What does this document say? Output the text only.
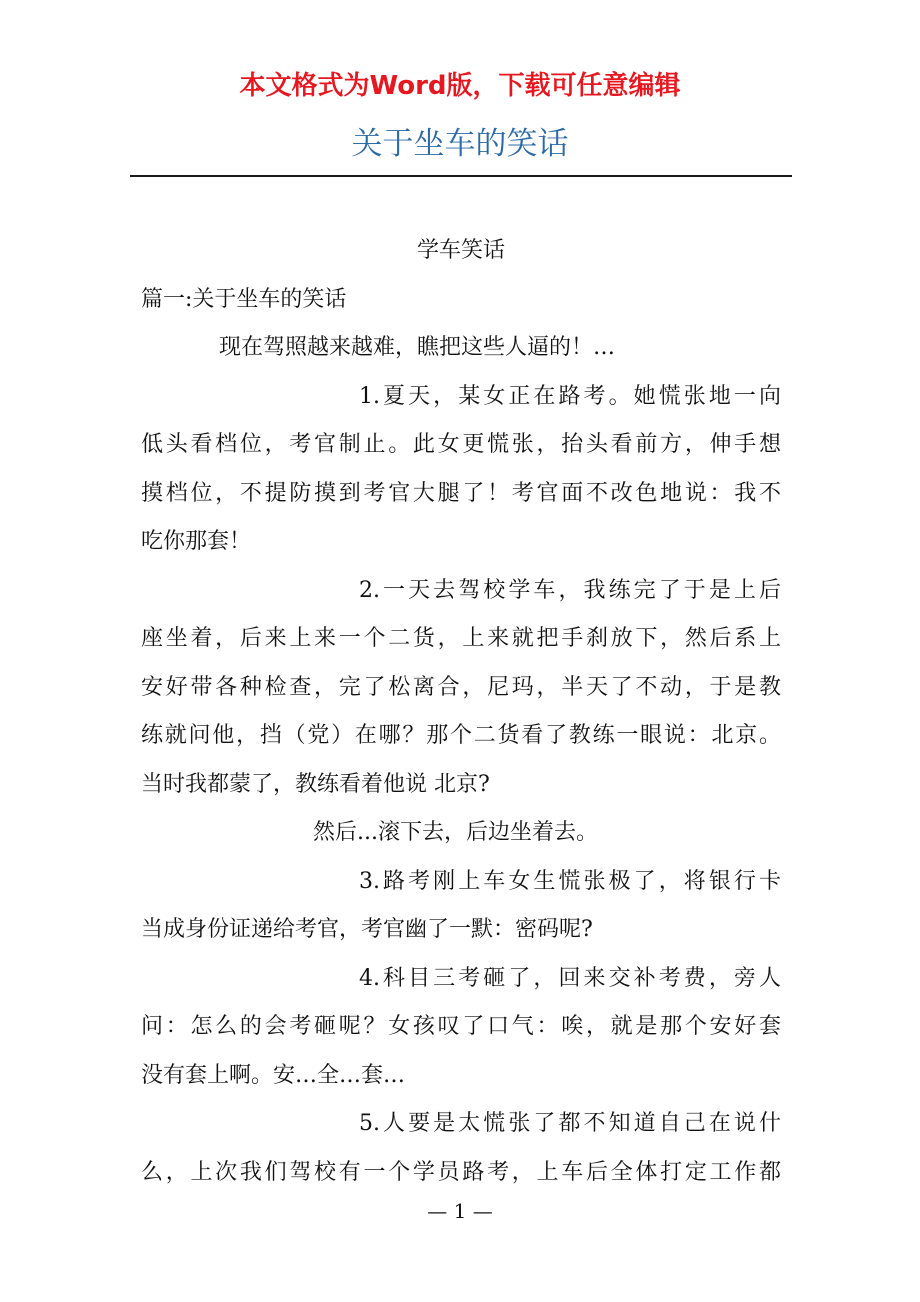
本文格式为Word版，下载可任意编辑
关于坐车的笑话
学车笑话
篇一:关于坐车的笑话
现在驾照越来越难，瞧把这些人逼的！…
1.夏天，某女正在路考。她慌张地一向
低头看档位，考官制止。此女更慌张，抬头看前方，伸手想
摸档位，不提防摸到考官大腿了！考官面不改色地说：我不
吃你那套！
2.一天去驾校学车，我练完了于是上后
座坐着，后来上来一个二货，上来就把手刹放下，然后系上
安好带各种检查，完了松离合，尼玛，半天了不动，于是教
练就问他，挡（党）在哪？那个二货看了教练一眼说：北京。
当时我都蒙了，教练看着他说 北京?
然后...滚下去，后边坐着去。
3.路考刚上车女生慌张极了，将银行卡
当成身份证递给考官，考官幽了一默：密码呢?
4.科目三考砸了，回来交补考费，旁人
问：怎么的会考砸呢？女孩叹了口气：唉，就是那个安好套
没有套上啊。安…全…套…
5.人要是太慌张了都不知道自己在说什
么，上次我们驾校有一个学员路考，上车后全体打定工作都
— 1 —
